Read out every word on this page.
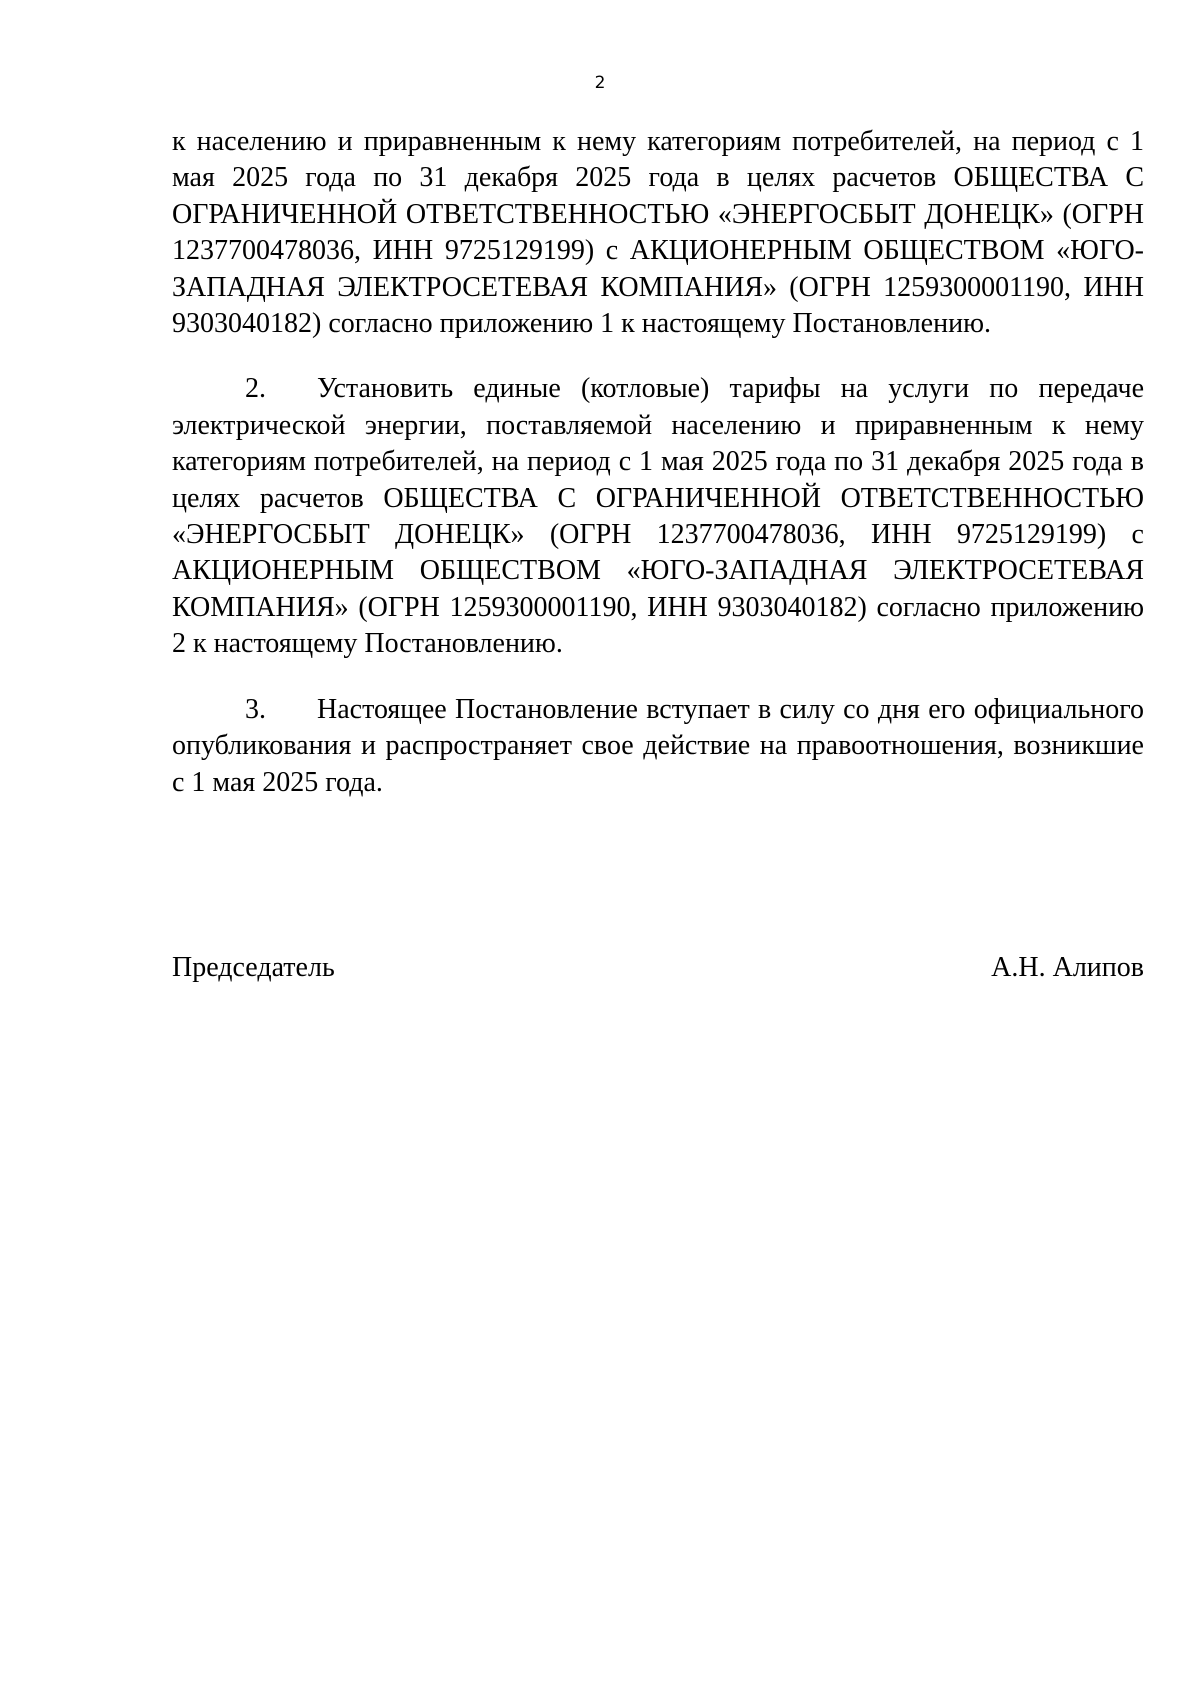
2

к населению и приравненным к нему категориям потребителей, на период с 1 мая 2025 года по 31 декабря 2025 года в целях расчетов ОБЩЕСТВА С ОГРАНИЧЕННОЙ ОТВЕТСТВЕННОСТЬЮ «ЭНЕРГОСБЫТ ДОНЕЦК» (ОГРН 1237700478036, ИНН 9725129199) с АКЦИОНЕРНЫМ ОБЩЕСТВОМ «ЮГО-ЗАПАДНАЯ ЭЛЕКТРОСЕТЕВАЯ КОМПАНИЯ» (ОГРН 1259300001190, ИНН 9303040182) согласно приложению 1 к настоящему Постановлению.

2. Установить единые (котловые) тарифы на услуги по передаче электрической энергии, поставляемой населению и приравненным к нему категориям потребителей, на период с 1 мая 2025 года по 31 декабря 2025 года в целях расчетов ОБЩЕСТВА С ОГРАНИЧЕННОЙ ОТВЕТСТВЕННОСТЬЮ «ЭНЕРГОСБЫТ ДОНЕЦК» (ОГРН 1237700478036, ИНН 9725129199) с АКЦИОНЕРНЫМ ОБЩЕСТВОМ «ЮГО-ЗАПАДНАЯ ЭЛЕКТРОСЕТЕВАЯ КОМПАНИЯ» (ОГРН 1259300001190, ИНН 9303040182) согласно приложению 2 к настоящему Постановлению.

3. Настоящее Постановление вступает в силу со дня его официального опубликования и распространяет свое действие на правоотношения, возникшие с 1 мая 2025 года.

Председатель	А.Н. Алипов
